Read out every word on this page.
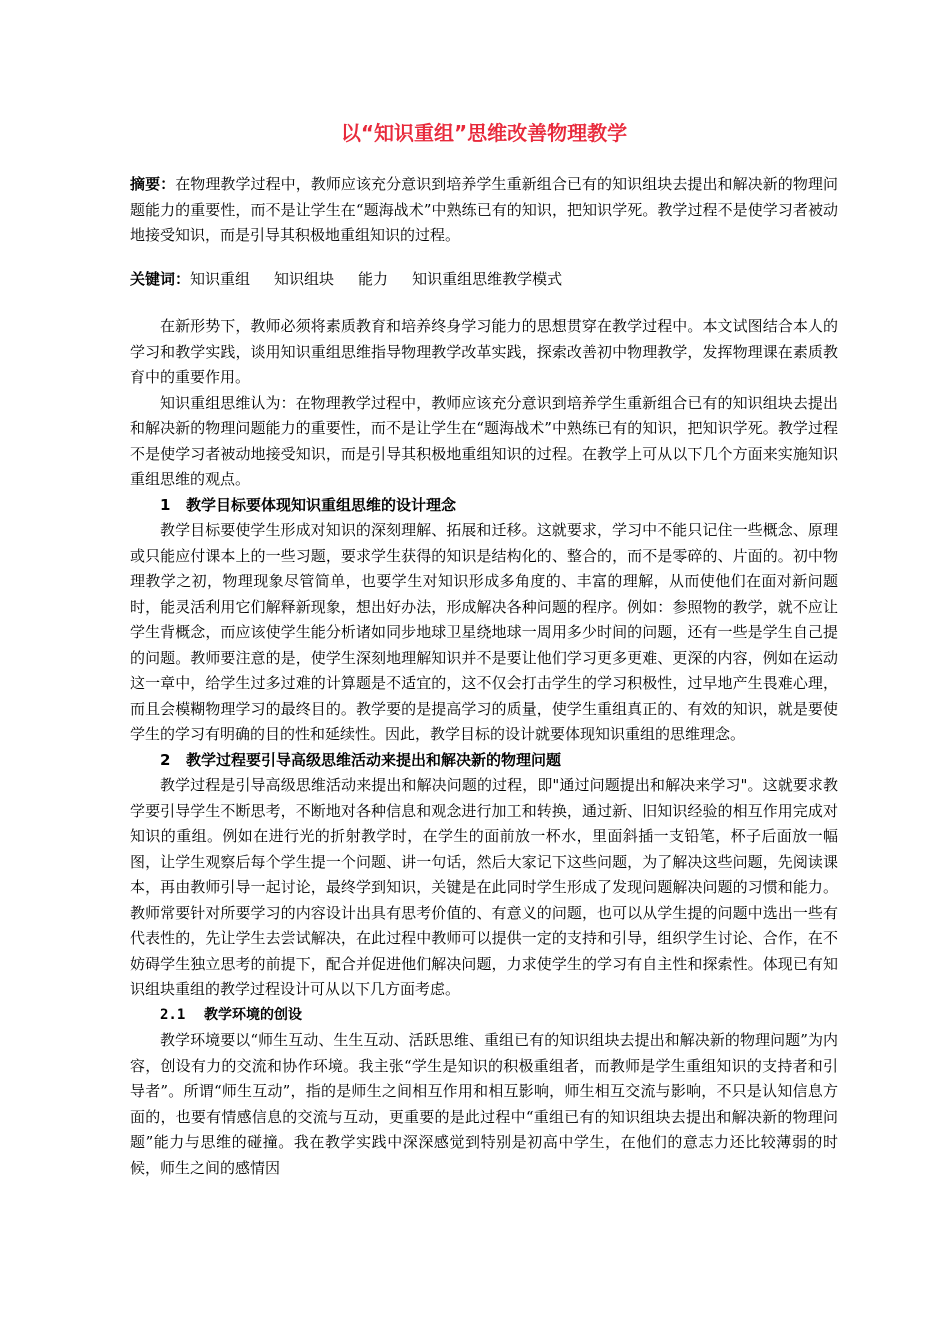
以“知识重组”思维改善物理教学

摘要：在物理教学过程中，教师应该充分意识到培养学生重新组合已有的知识组块去提出和解决新的物理问题能力的重要性，而不是让学生在“题海战术”中熟练已有的知识，把知识学死。教学过程不是使学习者被动地接受知识，而是引导其积极地重组知识的过程。

关键词：知识重组 知识组块 能力 知识重组思维教学模式

在新形势下，教师必须将素质教育和培养终身学习能力的思想贯穿在教学过程中。本文试图结合本人的学习和教学实践，谈用知识重组思维指导物理教学改革实践，探索改善初中物理教学，发挥物理课在素质教育中的重要作用。

知识重组思维认为：在物理教学过程中，教师应该充分意识到培养学生重新组合已有的知识组块去提出和解决新的物理问题能力的重要性，而不是让学生在“题海战术”中熟练已有的知识，把知识学死。教学过程不是使学习者被动地接受知识，而是引导其积极地重组知识的过程。在教学上可从以下几个方面来实施知识重组思维的观点。

1 教学目标要体现知识重组思维的设计理念

教学目标要使学生形成对知识的深刻理解、拓展和迁移。这就要求，学习中不能只记住一些概念、原理或只能应付课本上的一些习题，要求学生获得的知识是结构化的、整合的，而不是零碎的、片面的。初中物理教学之初，物理现象尽管简单，也要学生对知识形成多角度的、丰富的理解，从而使他们在面对新问题时，能灵活利用它们解释新现象，想出好办法，形成解决各种问题的程序。例如：参照物的教学，就不应让学生背概念，而应该使学生能分析诸如同步地球卫星绕地球一周用多少时间的问题，还有一些是学生自己提的问题。教师要注意的是，使学生深刻地理解知识并不是要让他们学习更多更难、更深的内容，例如在运动这一章中，给学生过多过难的计算题是不适宜的，这不仅会打击学生的学习积极性，过早地产生畏难心理，而且会模糊物理学习的最终目的。教学要的是提高学习的质量，使学生重组真正的、有效的知识，就是要使学生的学习有明确的目的性和延续性。因此，教学目标的设计就要体现知识重组的思维理念。

2 教学过程要引导高级思维活动来提出和解决新的物理问题

教学过程是引导高级思维活动来提出和解决问题的过程，即"通过问题提出和解决来学习"。这就要求教学要引导学生不断思考，不断地对各种信息和观念进行加工和转换，通过新、旧知识经验的相互作用完成对知识的重组。例如在进行光的折射教学时，在学生的面前放一杯水，里面斜插一支铅笔，杯子后面放一幅图，让学生观察后每个学生提一个问题、讲一句话，然后大家记下这些问题，为了解决这些问题，先阅读课本，再由教师引导一起讨论，最终学到知识，关键是在此同时学生形成了发现问题解决问题的习惯和能力。教师常要针对所要学习的内容设计出具有思考价值的、有意义的问题，也可以从学生提的问题中选出一些有代表性的，先让学生去尝试解决，在此过程中教师可以提供一定的支持和引导，组织学生讨论、合作，在不妨碍学生独立思考的前提下，配合并促进他们解决问题，力求使学生的学习有自主性和探索性。体现已有知识组块重组的教学过程设计可从以下几方面考虑。

2.1 教学环境的创设

教学环境要以“师生互动、生生互动、活跃思维、重组已有的知识组块去提出和解决新的物理问题”为内容，创设有力的交流和协作环境。我主张“学生是知识的积极重组者，而教师是学生重组知识的支持者和引导者”。所谓“师生互动”，指的是师生之间相互作用和相互影响，师生相互交流与影响，不只是认知信息方面的，也要有情感信息的交流与互动，更重要的是此过程中“重组已有的知识组块去提出和解决新的物理问题”能力与思维的碰撞。我在教学实践中深深感觉到特别是初高中学生，在他们的意志力还比较薄弱的时候，师生之间的感情因
